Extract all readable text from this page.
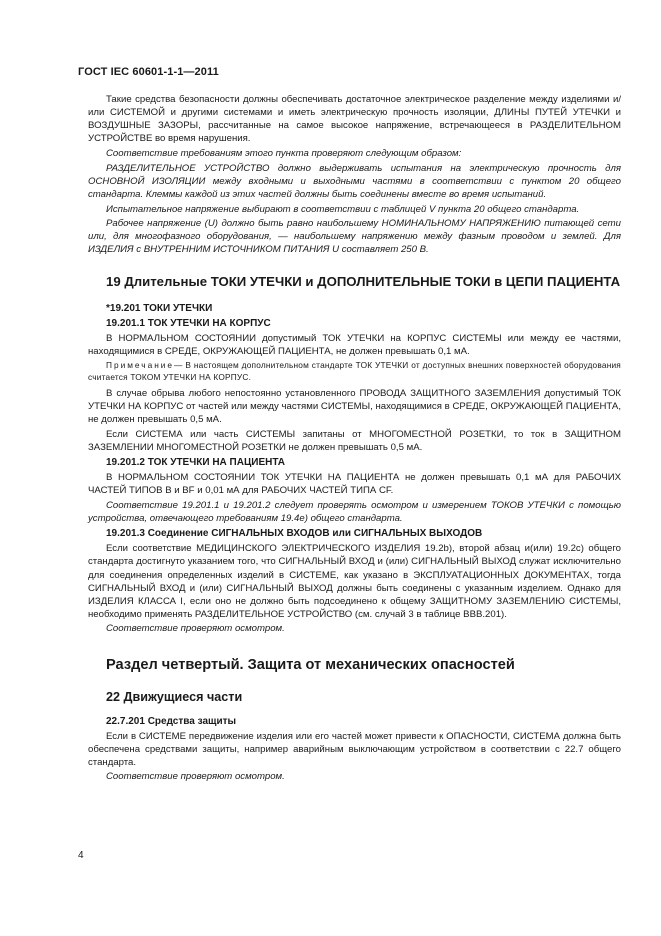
ГОСТ IEC 60601-1-1—2011

Такие средства безопасности должны обеспечивать достаточное электрическое разделение между изделиями и/или СИСТЕМОЙ и другими системами и иметь электрическую прочность изоляции, ДЛИНЫ ПУТЕЙ УТЕЧКИ и ВОЗДУШНЫЕ ЗАЗОРЫ, рассчитанные на самое высокое напряжение, встречающееся в РАЗДЕЛИТЕЛЬНОМ УСТРОЙСТВЕ во время нарушения.

Соответствие требованиям этого пункта проверяют следующим образом:

РАЗДЕЛИТЕЛЬНОЕ УСТРОЙСТВО должно выдерживать испытания на электрическую прочность для ОСНОВНОЙ ИЗОЛЯЦИИ между входными и выходными частями в соответствии с пунктом 20 общего стандарта. Клеммы каждой из этих частей должны быть соединены вместе во время испытаний.

Испытательное напряжение выбирают в соответствии с таблицей V пункта 20 общего стандарта.

Рабочее напряжение (U) должно быть равно наибольшему НОМИНАЛЬНОМУ НАПРЯЖЕНИЮ питающей сети или, для многофазного оборудования, — наибольшему напряжению между фазным проводом и землей. Для ИЗДЕЛИЯ с ВНУТРЕННИМ ИСТОЧНИКОМ ПИТАНИЯ U составляет 250 В.

19 Длительные ТОКИ УТЕЧКИ и ДОПОЛНИТЕЛЬНЫЕ ТОКИ в ЦЕПИ ПАЦИЕНТА
*19.201 ТОКИ УТЕЧКИ
19.201.1 ТОК УТЕЧКИ НА КОРПУС

В НОРМАЛЬНОМ СОСТОЯНИИ допустимый ТОК УТЕЧКИ на КОРПУС СИСТЕМЫ или между ее частями, находящимися в СРЕДЕ, ОКРУЖАЮЩЕЙ ПАЦИЕНТА, не должен превышать 0,1 мА.

Примечание— В настоящем дополнительном стандарте ТОК УТЕЧКИ от доступных внешних поверхностей оборудования считается ТОКОМ УТЕЧКИ НА КОРПУС.

В случае обрыва любого непостоянно установленного ПРОВОДА ЗАЩИТНОГО ЗАЗЕМЛЕНИЯ допустимый ТОК УТЕЧКИ НА КОРПУС от частей или между частями СИСТЕМЫ, находящимися в СРЕДЕ, ОКРУЖАЮЩЕЙ ПАЦИЕНТА, не должен превышать 0,5 мА.

Если СИСТЕМА или часть СИСТЕМЫ запитаны от МНОГОМЕСТНОЙ РОЗЕТКИ, то ток в ЗАЩИТНОМ ЗАЗЕМЛЕНИИ МНОГОМЕСТНОЙ РОЗЕТКИ не должен превышать 0,5 мА.

19.201.2 ТОК УТЕЧКИ НА ПАЦИЕНТА

В НОРМАЛЬНОМ СОСТОЯНИИ ТОК УТЕЧКИ НА ПАЦИЕНТА не должен превышать 0,1 мА для РАБОЧИХ ЧАСТЕЙ ТИПОВ В и BF и 0,01 мА для РАБОЧИХ ЧАСТЕЙ ТИПА CF.

Соответствие 19.201.1 и 19.201.2 следует проверять осмотром и измерением ТОКОВ УТЕЧКИ с помощью устройства, отвечающего требованиям 19.4е) общего стандарта.

19.201.3 Соединение СИГНАЛЬНЫХ ВХОДОВ или СИГНАЛЬНЫХ ВЫХОДОВ

Если соответствие МЕДИЦИНСКОГО ЭЛЕКТРИЧЕСКОГО ИЗДЕЛИЯ 19.2b), второй абзац и(или) 19.2c) общего стандарта достигнуто указанием того, что СИГНАЛЬНЫЙ ВХОД и (или) СИГНАЛЬНЫЙ ВЫХОД служат исключительно для соединения определенных изделий в СИСТЕМЕ, как указано в ЭКСПЛУАТАЦИОННЫХ ДОКУМЕНТАХ, тогда СИГНАЛЬНЫЙ ВХОД и (или) СИГНАЛЬНЫЙ ВЫХОД должны быть соединены с указанным изделием. Однако для ИЗДЕЛИЯ КЛАССА I, если оно не должно быть подсоединено к общему ЗАЩИТНОМУ ЗАЗЕМЛЕНИЮ СИСТЕМЫ, необходимо применять РАЗДЕЛИТЕЛЬНОЕ УСТРОЙСТВО (см. случай 3 в таблице ВВВ.201).

Соответствие проверяют осмотром.

Раздел четвертый. Защита от механических опасностей
22 Движущиеся части
22.7.201 Средства защиты

Если в СИСТЕМЕ передвижение изделия или его частей может привести к ОПАСНОСТИ, СИСТЕМА должна быть обеспечена средствами защиты, например аварийным выключающим устройством в соответствии с 22.7 общего стандарта.

Соответствие проверяют осмотром.

4
